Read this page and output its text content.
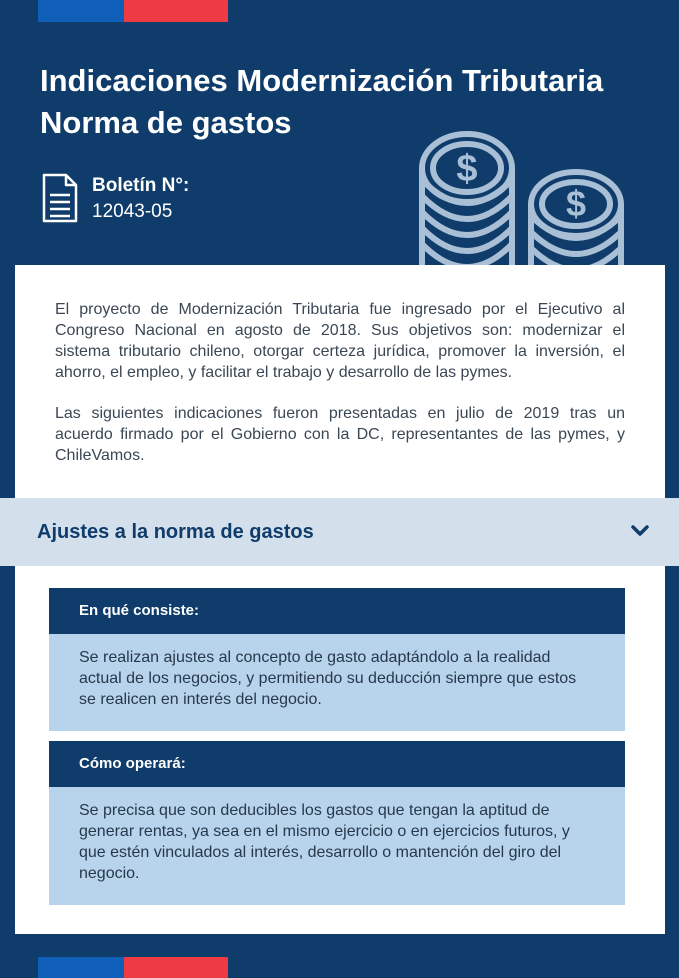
Indicaciones Modernización Tributaria
Norma de gastos
Boletín N°:
12043-05
$
$

El proyecto de Modernización Tributaria fue ingresado por el Ejecutivo al Congreso Nacional en agosto de 2018. Sus objetivos son: modernizar el sistema tributario chileno, otorgar certeza jurídica, promover la inversión, el ahorro, el empleo, y facilitar el trabajo y desarrollo de las pymes.

Las siguientes indicaciones fueron presentadas en julio de 2019 tras un acuerdo firmado por el Gobierno con la DC, representantes de las pymes, y ChileVamos.

Ajustes a la norma de gastos
En qué consiste:
Se realizan ajustes al concepto de gasto adaptándolo a la realidad actual de los negocios, y permitiendo su deducción siempre que estos se realicen en interés del negocio.
Cómo operará:
Se precisa que son deducibles los gastos que tengan la aptitud de generar rentas, ya sea en el mismo ejercicio o en ejercicios futuros, y que estén vinculados al interés, desarrollo o mantención del giro del negocio.
